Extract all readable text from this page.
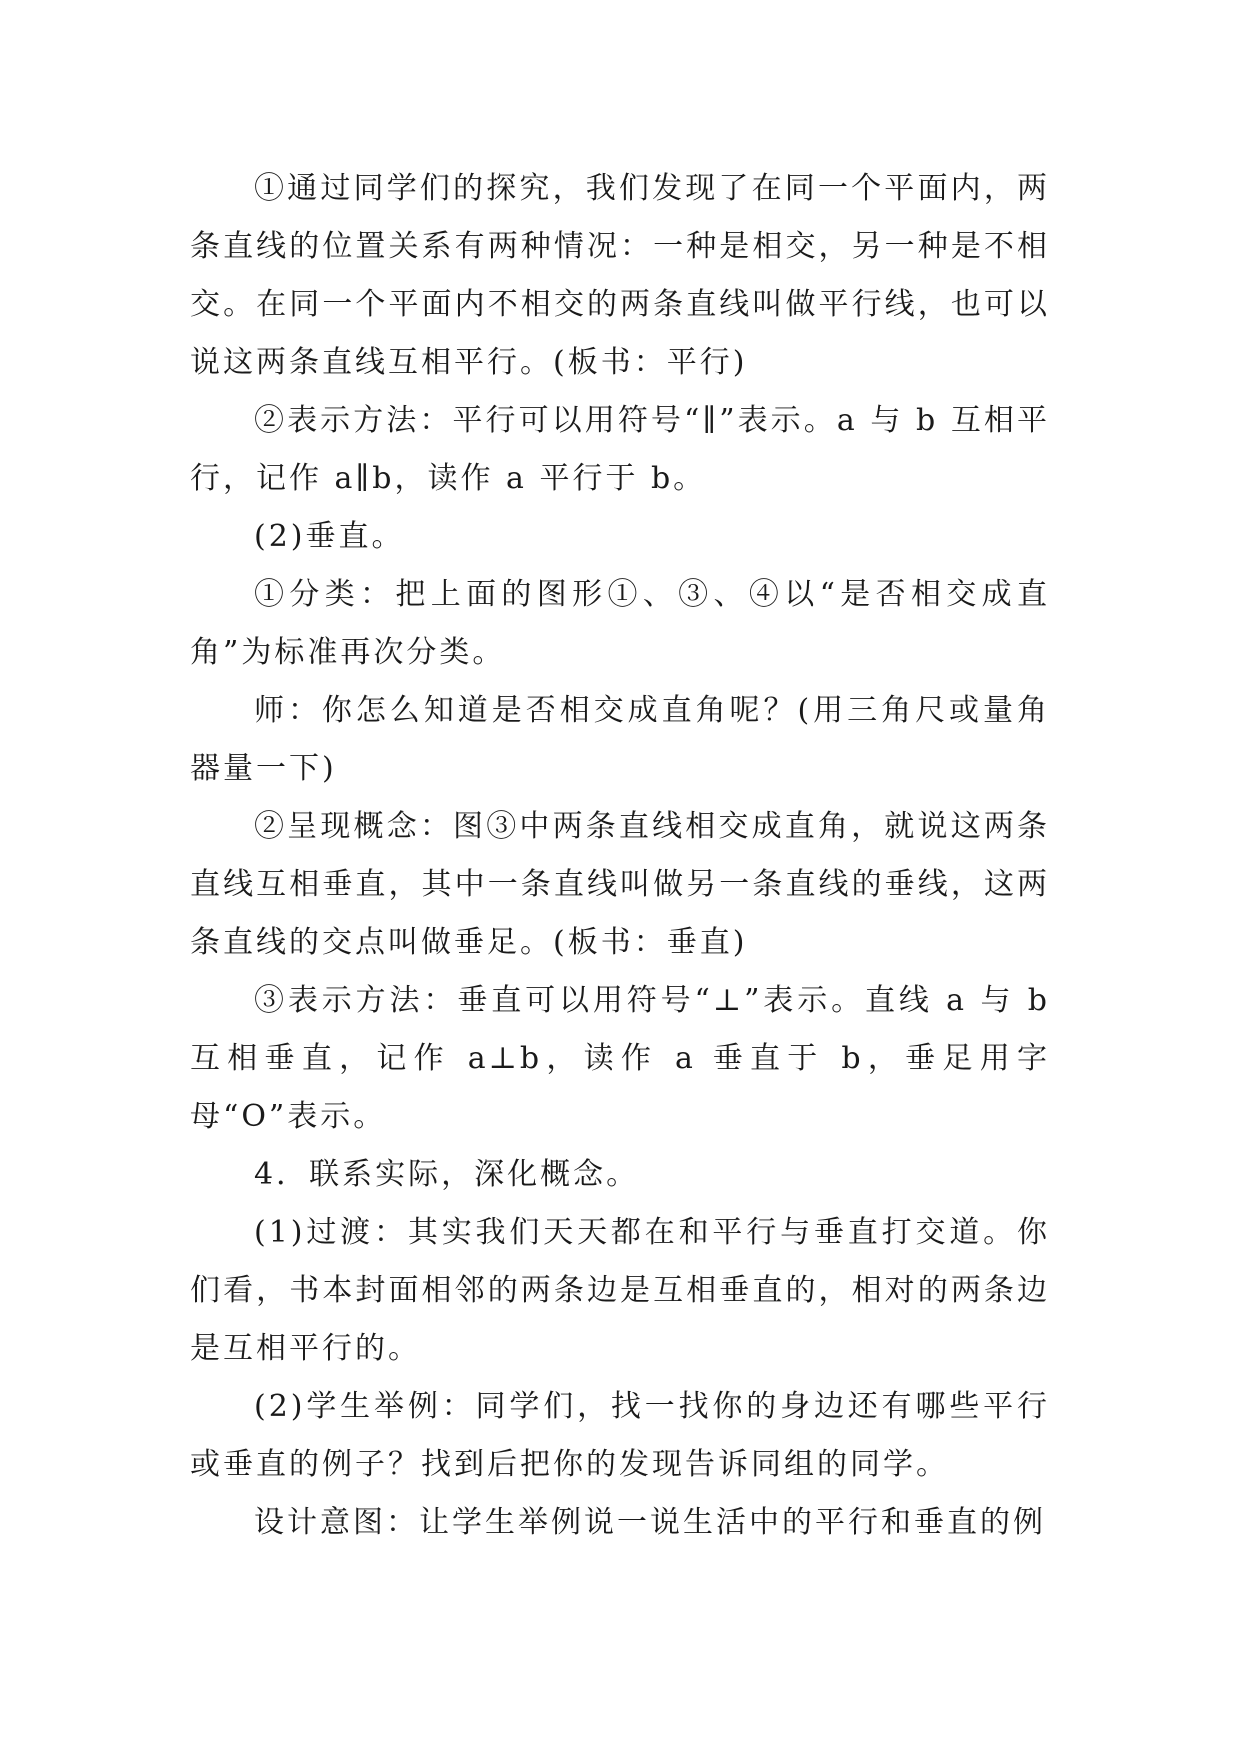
①通过同学们的探究，我们发现了在同一个平面内，两条直线的位置关系有两种情况：一种是相交，另一种是不相交。在同一个平面内不相交的两条直线叫做平行线，也可以说这两条直线互相平行。(板书：平行)

②表示方法：平行可以用符号“∥”表示。a 与 b 互相平行，记作 a∥b，读作 a 平行于 b。

(2)垂直。

①分类：把上面的图形①、③、④以“是否相交成直角”为标准再次分类。

师：你怎么知道是否相交成直角呢？(用三角尺或量角器量一下)

②呈现概念：图③中两条直线相交成直角，就说这两条直线互相垂直，其中一条直线叫做另一条直线的垂线，这两条直线的交点叫做垂足。(板书：垂直)

③表示方法：垂直可以用符号“⊥”表示。直线 a 与 b 互相垂直，记作 a⊥b，读作 a 垂直于 b，垂足用字母“O”表示。

4．联系实际，深化概念。

(1)过渡：其实我们天天都在和平行与垂直打交道。你们看，书本封面相邻的两条边是互相垂直的，相对的两条边是互相平行的。

(2)学生举例：同学们，找一找你的身边还有哪些平行或垂直的例子？找到后把你的发现告诉同组的同学。

设计意图：让学生举例说一说生活中的平行和垂直的例
